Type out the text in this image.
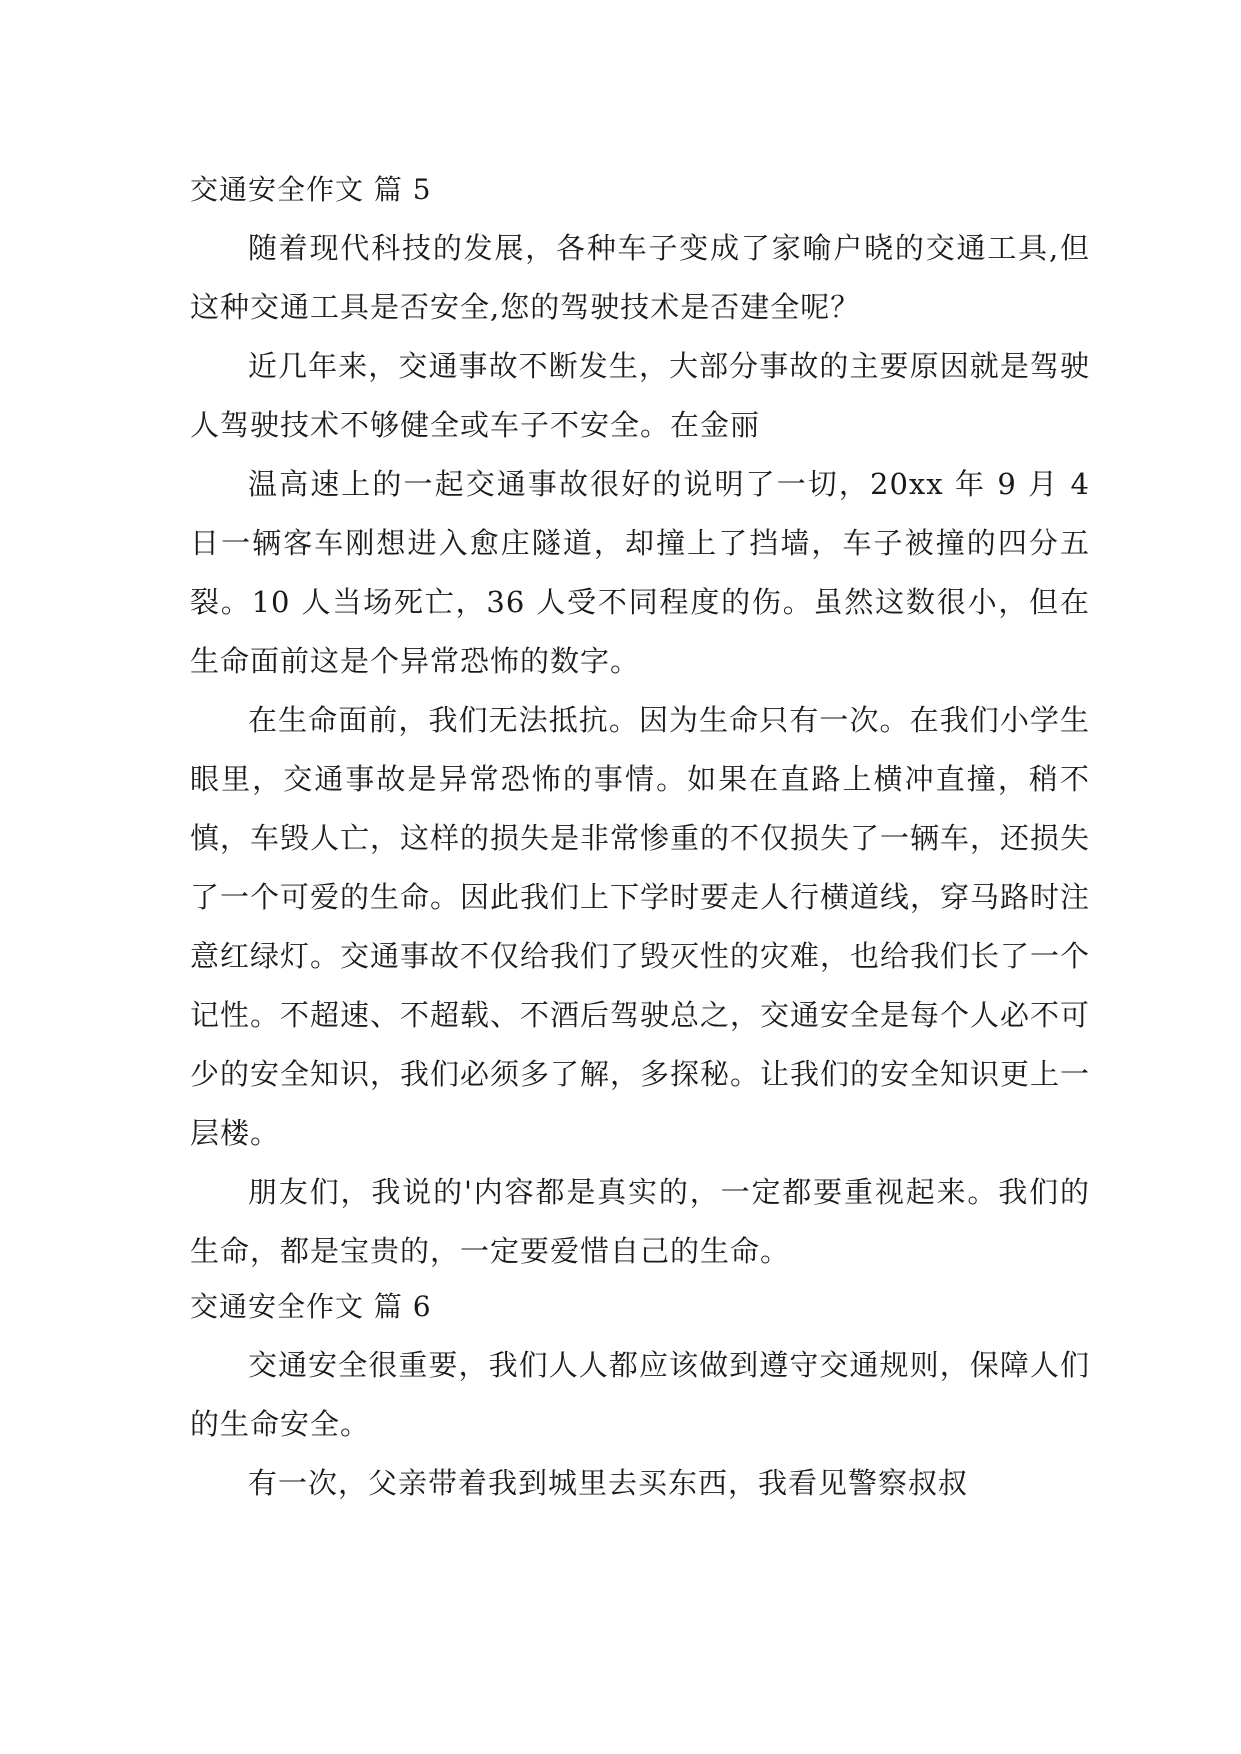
交通安全作文 篇 5

随着现代科技的发展，各种车子变成了家喻户晓的交通工具,但这种交通工具是否安全,您的驾驶技术是否建全呢？

近几年来，交通事故不断发生，大部分事故的主要原因就是驾驶人驾驶技术不够健全或车子不安全。在金丽

温高速上的一起交通事故很好的说明了一切，20xx 年 9 月 4 日一辆客车刚想进入愈庄隧道，却撞上了挡墙，车子被撞的四分五裂。10 人当场死亡，36 人受不同程度的伤。虽然这数很小，但在生命面前这是个异常恐怖的数字。

在生命面前，我们无法抵抗。因为生命只有一次。在我们小学生眼里，交通事故是异常恐怖的事情。如果在直路上横冲直撞，稍不慎，车毁人亡，这样的损失是非常惨重的不仅损失了一辆车，还损失了一个可爱的生命。因此我们上下学时要走人行横道线，穿马路时注意红绿灯。交通事故不仅给我们了毁灭性的灾难，也给我们长了一个记性。不超速、不超载、不酒后驾驶总之，交通安全是每个人必不可少的安全知识，我们必须多了解，多探秘。让我们的安全知识更上一层楼。

朋友们，我说的'内容都是真实的，一定都要重视起来。我们的生命，都是宝贵的，一定要爱惜自己的生命。

交通安全作文 篇 6

交通安全很重要，我们人人都应该做到遵守交通规则，保障人们的生命安全。

有一次，父亲带着我到城里去买东西，我看见警察叔叔
